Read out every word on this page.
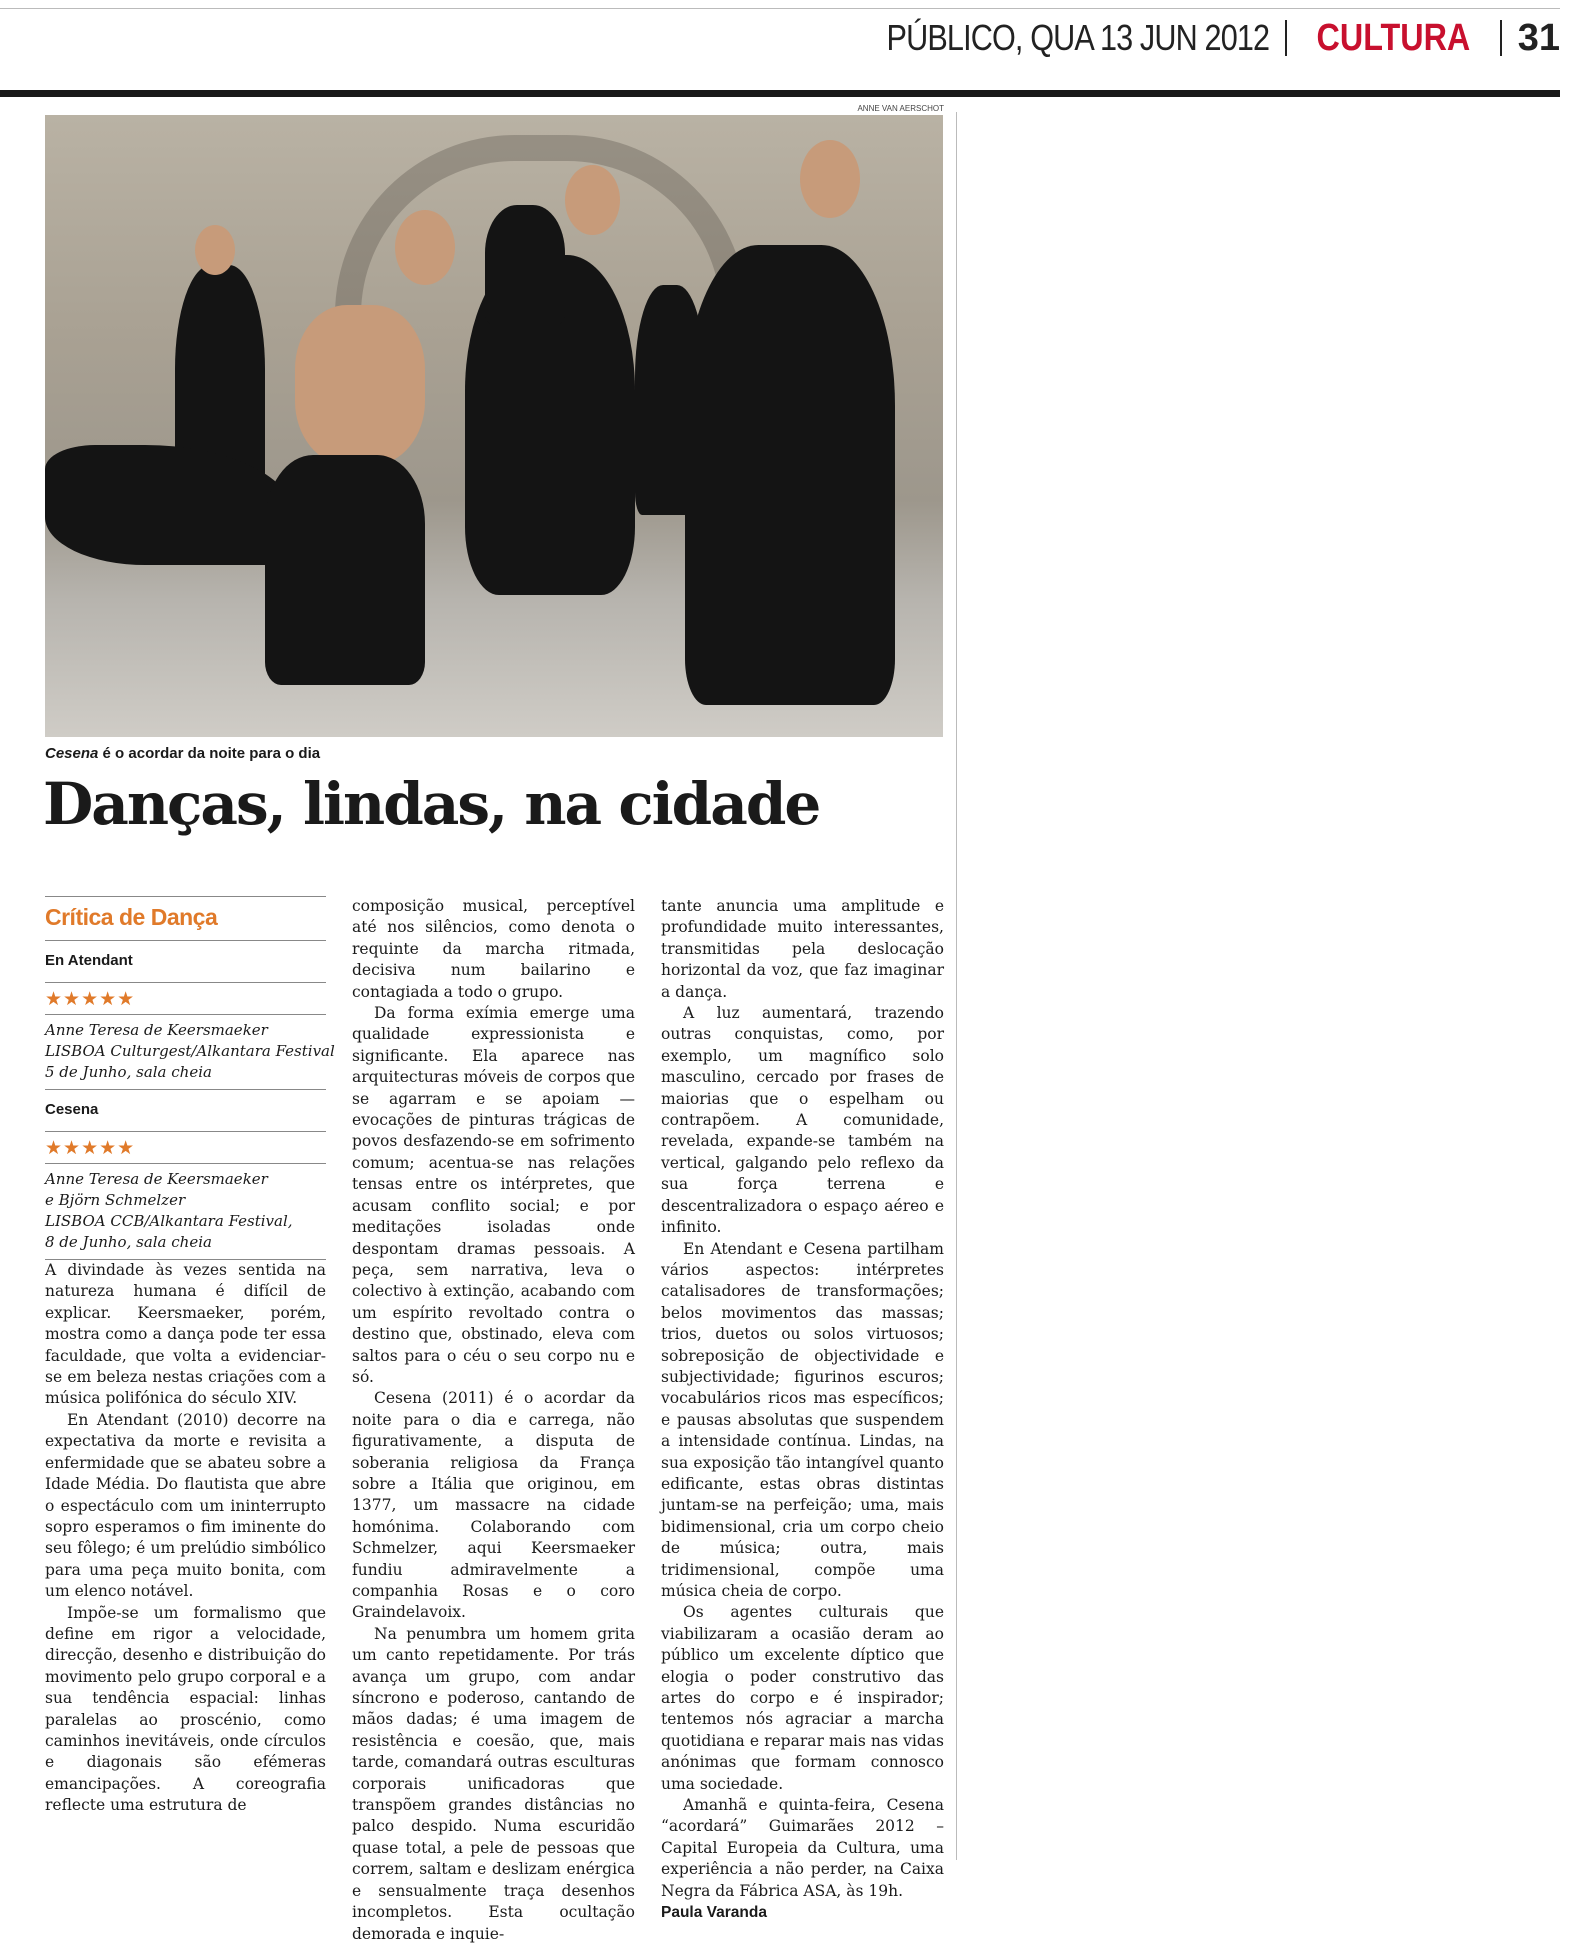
PÚBLICO, QUA 13 JUN 2012 CULTURA 31
ANNE VAN AERSCHOT
Cesena é o acordar da noite para o dia
Danças, lindas, na cidade
Crítica de Dança
En Atendant
★★★★★
Anne Teresa de Keersmaeker
LISBOA Culturgest/Alkantara Festival
5 de Junho, sala cheia
Cesena
★★★★★
Anne Teresa de Keersmaeker
e Björn Schmelzer
LISBOA CCB/Alkantara Festival,
8 de Junho, sala cheia

A divindade às vezes sentida na natureza humana é difícil de explicar. Keersmaeker, porém, mostra como a dança pode ter essa faculdade, que volta a evidenciar-se em beleza nestas criações com a música polifónica do século XIV.

En Atendant (2010) decorre na expectativa da morte e revisita a enfermidade que se abateu sobre a Idade Média. Do flautista que abre o espectáculo com um ininterrupto sopro esperamos o fim iminente do seu fôlego; é um prelúdio simbólico para uma peça muito bonita, com um elenco notável.

Impõe-se um formalismo que define em rigor a velocidade, direcção, desenho e distribuição do movimento pelo grupo corporal e a sua tendência espacial: linhas paralelas ao proscénio, como caminhos inevitáveis, onde círculos e diagonais são efémeras emancipações. A coreografia reflecte uma estrutura de

composição musical, perceptível até nos silêncios, como denota o requinte da marcha ritmada, decisiva num bailarino e contagiada a todo o grupo.

Da forma exímia emerge uma qualidade expressionista e significante. Ela aparece nas arquitecturas móveis de corpos que se agarram e se apoiam — evocações de pinturas trágicas de povos desfazendo-se em sofrimento comum; acentua-se nas relações tensas entre os intérpretes, que acusam conflito social; e por meditações isoladas onde despontam dramas pessoais. A peça, sem narrativa, leva o colectivo à extinção, acabando com um espírito revoltado contra o destino que, obstinado, eleva com saltos para o céu o seu corpo nu e só.

Cesena (2011) é o acordar da noite para o dia e carrega, não figurativamente, a disputa de soberania religiosa da França sobre a Itália que originou, em 1377, um massacre na cidade homónima. Colaborando com Schmelzer, aqui Keersmaeker fundiu admiravelmente a companhia Rosas e o coro Graindelavoix.

Na penumbra um homem grita um canto repetidamente. Por trás avança um grupo, com andar síncrono e poderoso, cantando de mãos dadas; é uma imagem de resistência e coesão, que, mais tarde, comandará outras esculturas corporais unificadoras que transpõem grandes distâncias no palco despido. Numa escuridão quase total, a pele de pessoas que correm, saltam e deslizam enérgica e sensualmente traça desenhos incompletos. Esta ocultação demorada e inquie-

tante anuncia uma amplitude e profundidade muito interessantes, transmitidas pela deslocação horizontal da voz, que faz imaginar a dança.

A luz aumentará, trazendo outras conquistas, como, por exemplo, um magnífico solo masculino, cercado por frases de maiorias que o espelham ou contrapõem. A comunidade, revelada, expande-se também na vertical, galgando pelo reflexo da sua força terrena e descentralizadora o espaço aéreo e infinito.

En Atendant e Cesena partilham vários aspectos: intérpretes catalisadores de transformações; belos movimentos das massas; trios, duetos ou solos virtuosos; sobreposição de objectividade e subjectividade; figurinos escuros; vocabulários ricos mas específicos; e pausas absolutas que suspendem a intensidade contínua. Lindas, na sua exposição tão intangível quanto edificante, estas obras distintas juntam-se na perfeição; uma, mais bidimensional, cria um corpo cheio de música; outra, mais tridimensional, compõe uma música cheia de corpo.

Os agentes culturais que viabilizaram a ocasião deram ao público um excelente díptico que elogia o poder construtivo das artes do corpo e é inspirador; tentemos nós agraciar a marcha quotidiana e reparar mais nas vidas anónimas que formam connosco uma sociedade.

Amanhã e quinta-feira, Cesena “acordará” Guimarães 2012 – Capital Europeia da Cultura, uma experiência a não perder, na Caixa Negra da Fábrica ASA, às 19h.

Paula Varanda
